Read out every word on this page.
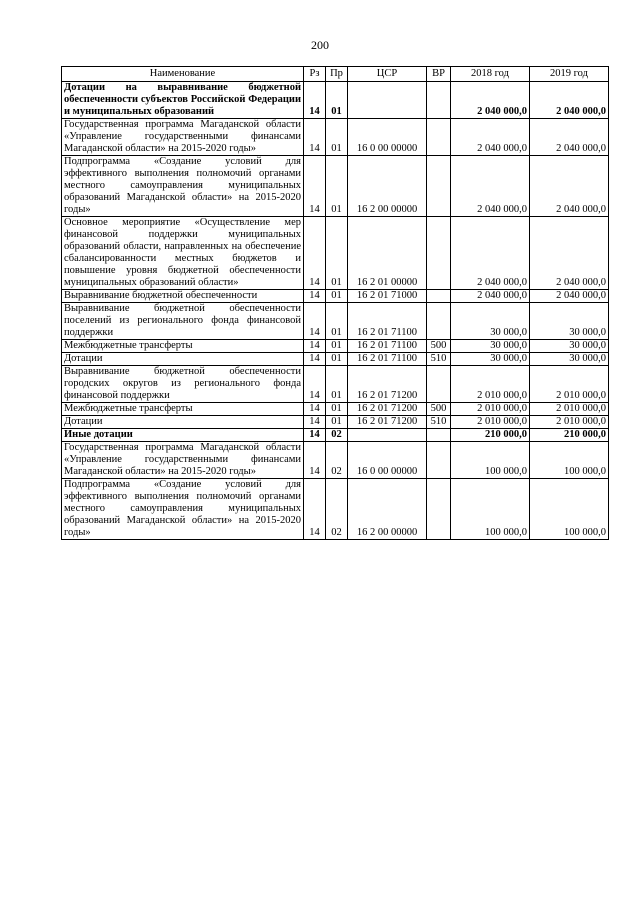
200
Наименование	Рз	Пр	ЦСР	ВР	2018 год	2019 год
Дотации на выравнивание бюджетной обеспеченности субъектов Российской Федерации и муниципальных образований	14	01			2 040 000,0	2 040 000,0
Государственная программа Магаданской области «Управление государственными финансами Магаданской области» на 2015-2020 годы»	14	01	16 0 00 00000		2 040 000,0	2 040 000,0
Подпрограмма «Создание условий для эффективного выполнения полномочий органами местного самоуправления муниципальных образований Магаданской области» на 2015-2020 годы»	14	01	16 2 00 00000		2 040 000,0	2 040 000,0
Основное мероприятие «Осуществление мер финансовой поддержки муниципальных образований области, направленных на обеспечение сбалансированности местных бюджетов и повышение уровня бюджетной обеспеченности муниципальных образований области»	14	01	16 2 01 00000		2 040 000,0	2 040 000,0
Выравнивание бюджетной обеспеченности	14	01	16 2 01 71000		2 040 000,0	2 040 000,0
Выравнивание бюджетной обеспеченности поселений из регионального фонда финансовой поддержки	14	01	16 2 01 71100		30 000,0	30 000,0
Межбюджетные трансферты	14	01	16 2 01 71100	500	30 000,0	30 000,0
Дотации	14	01	16 2 01 71100	510	30 000,0	30 000,0
Выравнивание бюджетной обеспеченности городских округов из регионального фонда финансовой поддержки	14	01	16 2 01 71200		2 010 000,0	2 010 000,0
Межбюджетные трансферты	14	01	16 2 01 71200	500	2 010 000,0	2 010 000,0
Дотации	14	01	16 2 01 71200	510	2 010 000,0	2 010 000,0
Иные дотации	14	02			210 000,0	210 000,0
Государственная программа Магаданской области «Управление государственными финансами Магаданской области» на 2015-2020 годы»	14	02	16 0 00 00000		100 000,0	100 000,0
Подпрограмма «Создание условий для эффективного выполнения полномочий органами местного самоуправления муниципальных образований Магаданской области» на 2015-2020 годы»	14	02	16 2 00 00000		100 000,0	100 000,0
